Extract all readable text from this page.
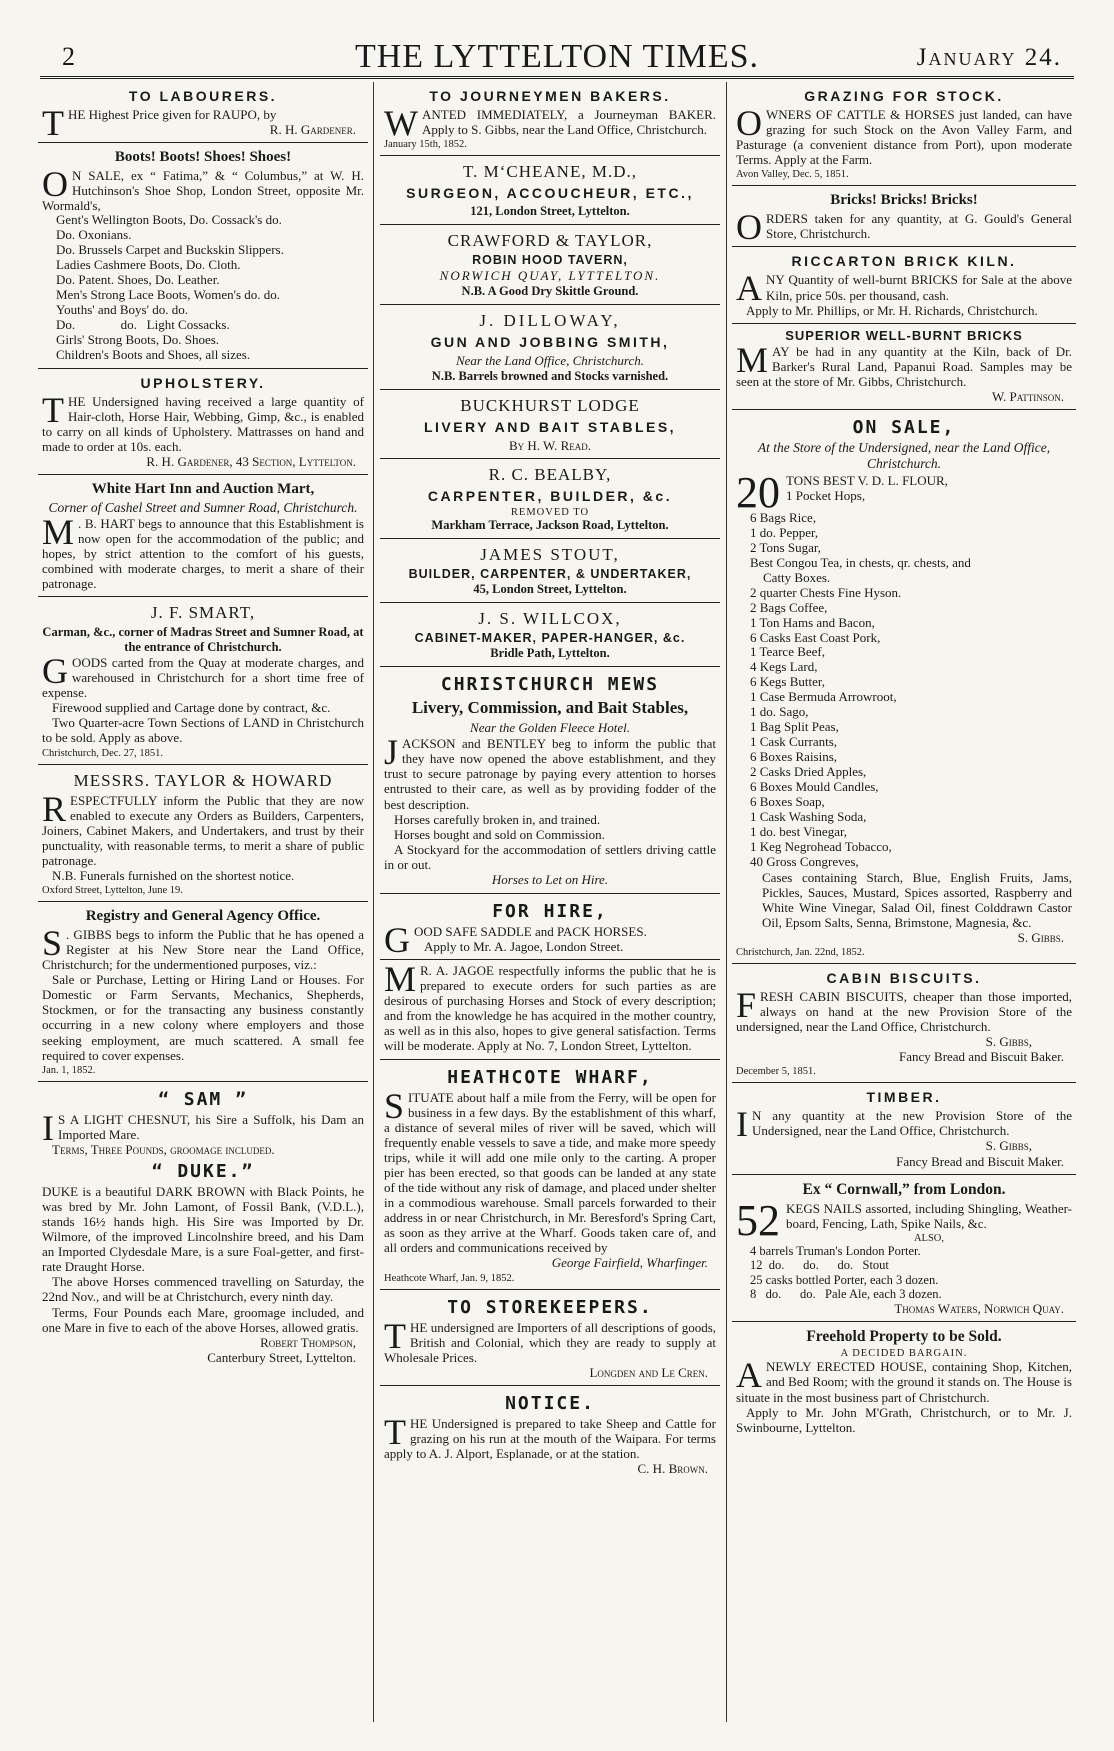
2	THE LYTTELTON TIMES.	January 24.
TO LABOURERS.

THE Highest Price given for RAUPO, by

R. H. Gardener.
Boots! Boots! Shoes! Shoes!

O N SALE, ex “ Fatima,” & “ Columbus,” at W. H. Hutchinson's Shoe Shop, London Street, opposite Mr. Wormald's,

Gent's Wellington Boots, Do. Cossack's do.
Do. Oxonians.
Do. Brussels Carpet and Buckskin Slippers.
Ladies Cashmere Boots, Do. Cloth.
Do. Patent. Shoes, Do. Leather.
Men's Strong Lace Boots, Women's do. do.
Youths' and Boys' do. do.
Do.              do.   Light Cossacks.
Girls' Strong Boots, Do. Shoes.
Children's Boots and Shoes, all sizes.
UPHOLSTERY.

THE Undersigned having received a large quantity of Hair-cloth, Horse Hair, Webbing, Gimp, &c., is enabled to carry on all kinds of Upholstery. Mattrasses on hand and made to order at 10s. each.

R. H. Gardener, 43 Section, Lyttelton.
White Hart Inn and Auction Mart,
Corner of Cashel Street and Sumner Road, Christchurch.

M . B. HART begs to announce that this Establishment is now open for the accommodation of the public; and hopes, by strict attention to the comfort of his guests, combined with moderate charges, to merit a share of their patronage.

J. F. SMART,
Carman, &c., corner of Madras Street and Sumner Road, at the entrance of Christchurch.

GOODS carted from the Quay at moderate charges, and warehoused in Christchurch for a short time free of expense.

Firewood supplied and Cartage done by contract, &c.

Two Quarter-acre Town Sections of LAND in Christchurch to be sold. Apply as above.

Christchurch, Dec. 27, 1851.
MESSRS. TAYLOR & HOWARD

RESPECTFULLY inform the Public that they are now enabled to execute any Orders as Builders, Carpenters, Joiners, Cabinet Makers, and Undertakers, and trust by their punctuality, with reasonable terms, to merit a share of public patronage.

N.B. Funerals furnished on the shortest notice.

Oxford Street, Lyttelton, June 19.
Registry and General Agency Office.

S . GIBBS begs to inform the Public that he has opened a Register at his New Store near the Land Office, Christchurch; for the undermentioned purposes, viz.:

Sale or Purchase, Letting or Hiring Land or Houses. For Domestic or Farm Servants, Mechanics, Shepherds, Stockmen, or for the transacting any business constantly occurring in a new colony where employers and those seeking employment, are much scattered. A small fee required to cover expenses.

Jan. 1, 1852.
“ SAM ”

I S A LIGHT CHESNUT, his Sire a Suffolk, his Dam an Imported Mare.

Terms, Three Pounds, groomage included.

“ DUKE.”

DUKE is a beautiful DARK BROWN with Black Points, he was bred by Mr. John Lamont, of Fossil Bank, (V.D.L.), stands 16½ hands high. His Sire was Imported by Dr. Wilmore, of the improved Lincolnshire breed, and his Dam an Imported Clydesdale Mare, is a sure Foal-getter, and first-rate Draught Horse.

The above Horses commenced travelling on Saturday, the 22nd Nov., and will be at Christchurch, every ninth day.

Terms, Four Pounds each Mare, groomage included, and one Mare in five to each of the above Horses, allowed gratis.

Robert Thompson,
Canterbury Street, Lyttelton.
TO JOURNEYMEN BAKERS.

WANTED IMMEDIATELY, a Journeyman BAKER. Apply to S. Gibbs, near the Land Office, Christchurch.

January 15th, 1852.
T. M‘CHEANE, M.D.,
SURGEON, ACCOUCHEUR, ETC.,
121, London Street, Lyttelton.
CRAWFORD & TAYLOR,
ROBIN HOOD TAVERN,
NORWICH QUAY, LYTTELTON.
N.B. A Good Dry Skittle Ground.
J. DILLOWAY,
GUN AND JOBBING SMITH,
Near the Land Office, Christchurch.
N.B. Barrels browned and Stocks varnished.
BUCKHURST LODGE
LIVERY AND BAIT STABLES,
By H. W. Read.
R. C. BEALBY,
CARPENTER, BUILDER, &c.
REMOVED TO
Markham Terrace, Jackson Road, Lyttelton.
JAMES STOUT,
BUILDER, CARPENTER, & UNDERTAKER,
45, London Street, Lyttelton.
J. S. WILLCOX,
CABINET-MAKER, PAPER-HANGER, &c.
Bridle Path, Lyttelton.
CHRISTCHURCH MEWS
Livery, Commission, and Bait Stables,
Near the Golden Fleece Hotel.

JACKSON and BENTLEY beg to inform the public that they have now opened the above establishment, and they trust to secure patronage by paying every attention to horses entrusted to their care, as well as by providing fodder of the best description.

Horses carefully broken in, and trained.

Horses bought and sold on Commission.

A Stockyard for the accommodation of settlers driving cattle in or out.

Horses to Let on Hire.
FOR HIRE,

GOOD SAFE SADDLE and PACK HORSES.

Apply to Mr. A. Jagoe, London Street.

M R. A. JAGOE respectfully informs the public that he is prepared to execute orders for such parties as are desirous of purchasing Horses and Stock of every description; and from the knowledge he has acquired in the mother country, as well as in this also, hopes to give general satisfaction. Terms will be moderate. Apply at No. 7, London Street, Lyttelton.

HEATHCOTE WHARF,

SITUATE about half a mile from the Ferry, will be open for business in a few days. By the establishment of this wharf, a distance of several miles of river will be saved, which will frequently enable vessels to save a tide, and make more speedy trips, while it will add one mile only to the carting. A proper pier has been erected, so that goods can be landed at any state of the tide without any risk of damage, and placed under shelter in a commodious warehouse. Small parcels forwarded to their address in or near Christchurch, in Mr. Beresford's Spring Cart, as soon as they arrive at the Wharf. Goods taken care of, and all orders and communications received by

George Fairfield, Wharfinger.
Heathcote Wharf, Jan. 9, 1852.
TO STOREKEEPERS.

THE undersigned are Importers of all descriptions of goods, British and Colonial, which they are ready to supply at Wholesale Prices.

Longden and Le Cren.
NOTICE.

THE Undersigned is prepared to take Sheep and Cattle for grazing on his run at the mouth of the Waipara. For terms apply to A. J. Alport, Esplanade, or at the station.

C. H. Brown.
GRAZING FOR STOCK.

OWNERS OF CATTLE & HORSES just landed, can have grazing for such Stock on the Avon Valley Farm, and Pasturage (a convenient distance from Port), upon moderate Terms. Apply at the Farm.

Avon Valley, Dec. 5, 1851.
Bricks! Bricks! Bricks!

ORDERS taken for any quantity, at G. Gould's General Store, Christchurch.

RICCARTON BRICK KILN.

ANY Quantity of well-burnt BRICKS for Sale at the above Kiln, price 50s. per thousand, cash.

Apply to Mr. Phillips, or Mr. H. Richards, Christchurch.

SUPERIOR WELL-BURNT BRICKS

MAY be had in any quantity at the Kiln, back of Dr. Barker's Rural Land, Papanui Road. Samples may be seen at the store of Mr. Gibbs, Christchurch.

W. Pattinson.
ON SALE,
At the Store of the Undersigned, near the Land Office, Christchurch.
20 TONS BEST V. D. L. FLOUR,
1 Pocket Hops,
6 Bags Rice,
1 do. Pepper,
2 Tons Sugar,
Best Congou Tea, in chests, qr. chests, and
Catty Boxes.
2 quarter Chests Fine Hyson.
2 Bags Coffee,
1 Ton Hams and Bacon,
6 Casks East Coast Pork,
1 Tearce Beef,
4 Kegs Lard,
6 Kegs Butter,
1 Case Bermuda Arrowroot,
1 do. Sago,
1 Bag Split Peas,
1 Cask Currants,
6 Boxes Raisins,
2 Casks Dried Apples,
6 Boxes Mould Candles,
6 Boxes Soap,
1 Cask Washing Soda,
1 do. best Vinegar,
1 Keg Negrohead Tobacco,
40 Gross Congreves,

Cases containing Starch, Blue, English Fruits, Jams, Pickles, Sauces, Mustard, Spices assorted, Raspberry and White Wine Vinegar, Salad Oil, finest Colddrawn Castor Oil, Epsom Salts, Senna, Brimstone, Magnesia, &c.

S. Gibbs.
Christchurch, Jan. 22nd, 1852.
CABIN BISCUITS.

FRESH CABIN BISCUITS, cheaper than those imported, always on hand at the new Provision Store of the undersigned, near the Land Office, Christchurch.

S. Gibbs,
Fancy Bread and Biscuit Baker.
December 5, 1851.
TIMBER.

I N any quantity at the new Provision Store of the Undersigned, near the Land Office, Christchurch.

S. Gibbs,
Fancy Bread and Biscuit Maker.
Ex “ Cornwall,” from London.

52 KEGS NAILS assorted, including Shingling, Weather-board, Fencing, Lath, Spike Nails, &c.

ALSO,
4 barrels Truman's London Porter.
12  do.      do.      do.   Stout
25 casks bottled Porter, each 3 dozen.
8   do.      do.   Pale Ale, each 3 dozen.
Thomas Waters, Norwich Quay.
Freehold Property to be Sold.
A DECIDED BARGAIN.

ANEWLY ERECTED HOUSE, containing Shop, Kitchen, and Bed Room; with the ground it stands on. The House is situate in the most business part of Christchurch.

Apply to Mr. John M'Grath, Christchurch, or to Mr. J. Swinbourne, Lyttelton.
